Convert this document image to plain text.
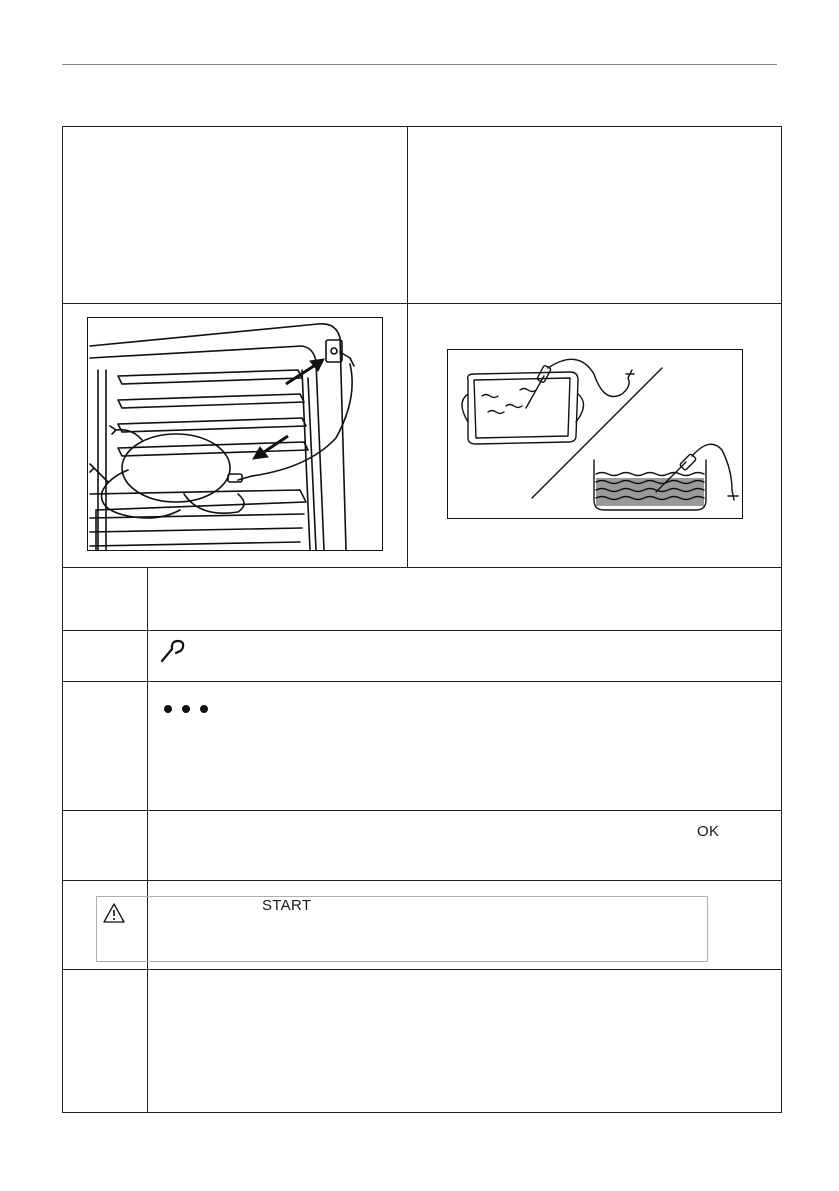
OK
START
